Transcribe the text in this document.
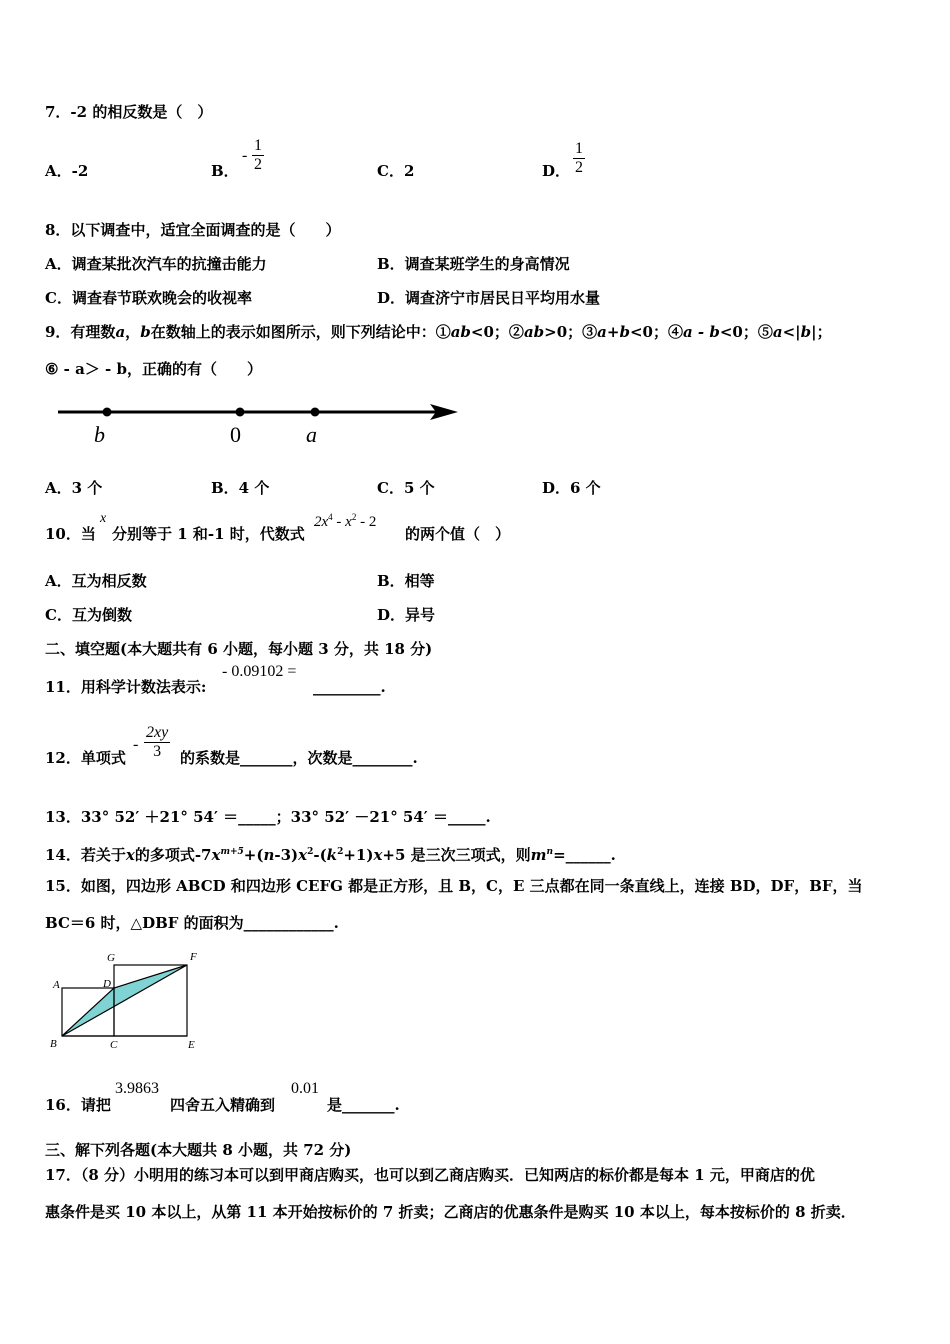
7．-2 的相反数是（　）
A．-2	B．
- $\frac{1}{2}$	C．2	D． $\frac{1}{2}$
8．以下调查中，适宜全面调查的是（　　）
A．调查某批次汽车的抗撞击能力	B．调查某班学生的身高情况
C．调查春节联欢晚会的收视率	D．调查济宁市居民日平均用水量
9．有理数a，b在数轴上的表示如图所示，则下列结论中：①ab<0；②ab>0；③a+b<0；④a - b<0；⑤a<|b|；
⑥ - a＞ - b，正确的有（　　）
b	0	a
A．3 个	B．4 个	C．5 个	D．6 个
10．当
x
分别等于 1 和-1 时，代数式
$2x^4 - x^2 - 2$
的两个值（　）
A．互为相反数	B．相等
C．互为倒数	D．异号
二、填空题(本大题共有 6 小题，每小题 3 分，共 18 分)
11．用科学计数法表示:
- 0.09102 =
_________.
12．单项式
- $\frac{2xy}{3}$ 的系数是_______，次数是________.
13．33° 52′ ＋21° 54′ ＝_____；33° 52′ －21° 54′ ＝_____.
14．若关于x的多项式$-7x^{m+5}+(n-3)x^2-(k^2+1)x+5$ 是三次三项式，则$m^n=\_\_\_\_\_\_$.
15．如图，四边形 ABCD 和四边形 CEFG 都是正方形，且 B，C，E 三点都在同一条直线上，连接 BD，DF，BF，当
BC＝6 时，△DBF 的面积为____________.
G	F
A	D
B	C	E
16．请把
3.9863
四舍五入精确到
0.01
是_______.
三、解下列各题(本大题共 8 小题，共 72 分)
17．（8 分）小明用的练习本可以到甲商店购买，也可以到乙商店购买．已知两店的标价都是每本 1 元，甲商店的优
惠条件是买 10 本以上，从第 11 本开始按标价的 7 折卖；乙商店的优惠条件是购买 10 本以上，每本按标价的 8 折卖．
